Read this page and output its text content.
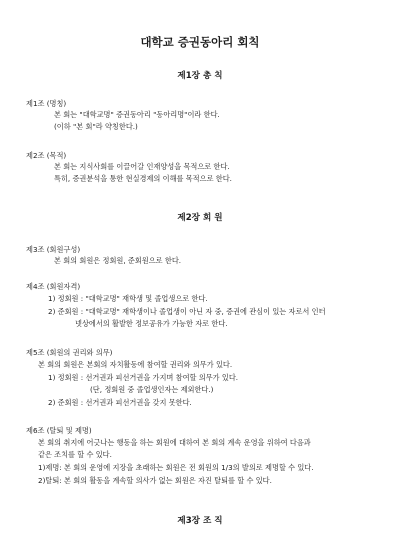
대학교 증권동아리 회칙
제1장 총 칙
제1조 (명칭)
본 회는 "대학교명" 증권동아리 "동아리명"이라 한다.
(이하 "본 회"라 약칭한다.)
제2조 (목적)
본 회는 지식사회를 이끌어갈 인재양성을 목적으로 한다.
특히, 증권분석을 통한 현실경제의 이해를 목적으로 한다.
제2장 회 원
제3조 (회원구성)
본 회의 회원은 정회원, 준회원으로 한다.
제4조 (회원자격)
1) 정회원 : "대학교명" 재학생 및 졸업생으로 한다.
2) 준회원 : "대학교명" 재학생이나 졸업생이 아닌 자 중, 증권에 관심이 있는 자로서 인터
넷상에서의 활발한 정보공유가 가능한 자로 한다.
제5조 (회원의 권리와 의무)
본 회의 회원은 본회의 자치활동에 참여할 권리와 의무가 있다.
1) 정회원 : 선거권과 피선거권을 가지며 참여할 의무가 있다.
(단, 정회원 중 졸업생인자는 제외한다.)
2) 준회원 : 선거권과 피선거권을 갖지 못한다.
제6조 (탈퇴 및 제명)
본 회의 취지에 어긋나는 행동을 하는 회원에 대하여 본 회의 계속 운영을 위하여 다음과
같은 조치를 할 수 있다.
1)제명: 본 회의 운영에 지장을 초래하는 회원은 전 회원의 1/3의 발의로 제명할 수 있다.
2)탈퇴: 본 회의 활동을 계속할 의사가 없는 회원은 자진 탈퇴를 할 수 있다.
제3장 조 직
